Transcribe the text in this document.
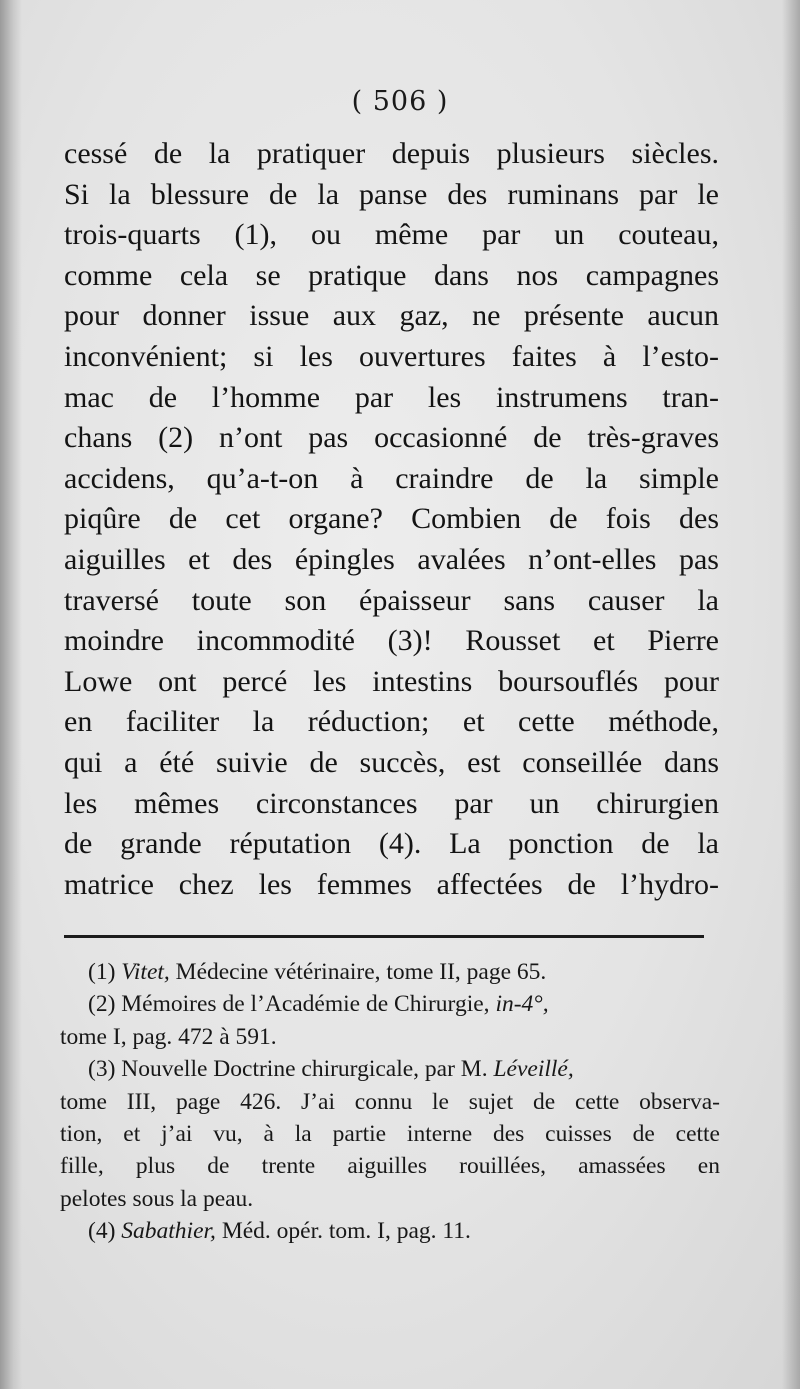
( 506 )
cessé de la pratiquer depuis plusieurs siècles.
Si la blessure de la panse des ruminans par le
trois-quarts (1), ou même par un couteau,
comme cela se pratique dans nos campagnes
pour donner issue aux gaz, ne présente aucun
inconvénient; si les ouvertures faites à l’esto-
mac de l’homme par les instrumens tran-
chans (2) n’ont pas occasionné de très-graves
accidens, qu’a-t-on à craindre de la simple
piqûre de cet organe? Combien de fois des
aiguilles et des épingles avalées n’ont-elles pas
traversé toute son épaisseur sans causer la
moindre incommodité (3)! Rousset et Pierre
Lowe ont percé les intestins boursouflés pour
en faciliter la réduction; et cette méthode,
qui a été suivie de succès, est conseillée dans
les mêmes circonstances par un chirurgien
de grande réputation (4). La ponction de la
matrice chez les femmes affectées de l’hydro-
(1) Vitet, Médecine vétérinaire, tome II, page 65.
(2) Mémoires de l’Académie de Chirurgie, in-4°,
tome I, pag. 472 à 591.
(3) Nouvelle Doctrine chirurgicale, par M. Léveillé,
tome III, page 426. J’ai connu le sujet de cette observa-
tion, et j’ai vu, à la partie interne des cuisses de cette
fille, plus de trente aiguilles rouillées, amassées en
pelotes sous la peau.
(4) Sabathier, Méd. opér. tom. I, pag. 11.
